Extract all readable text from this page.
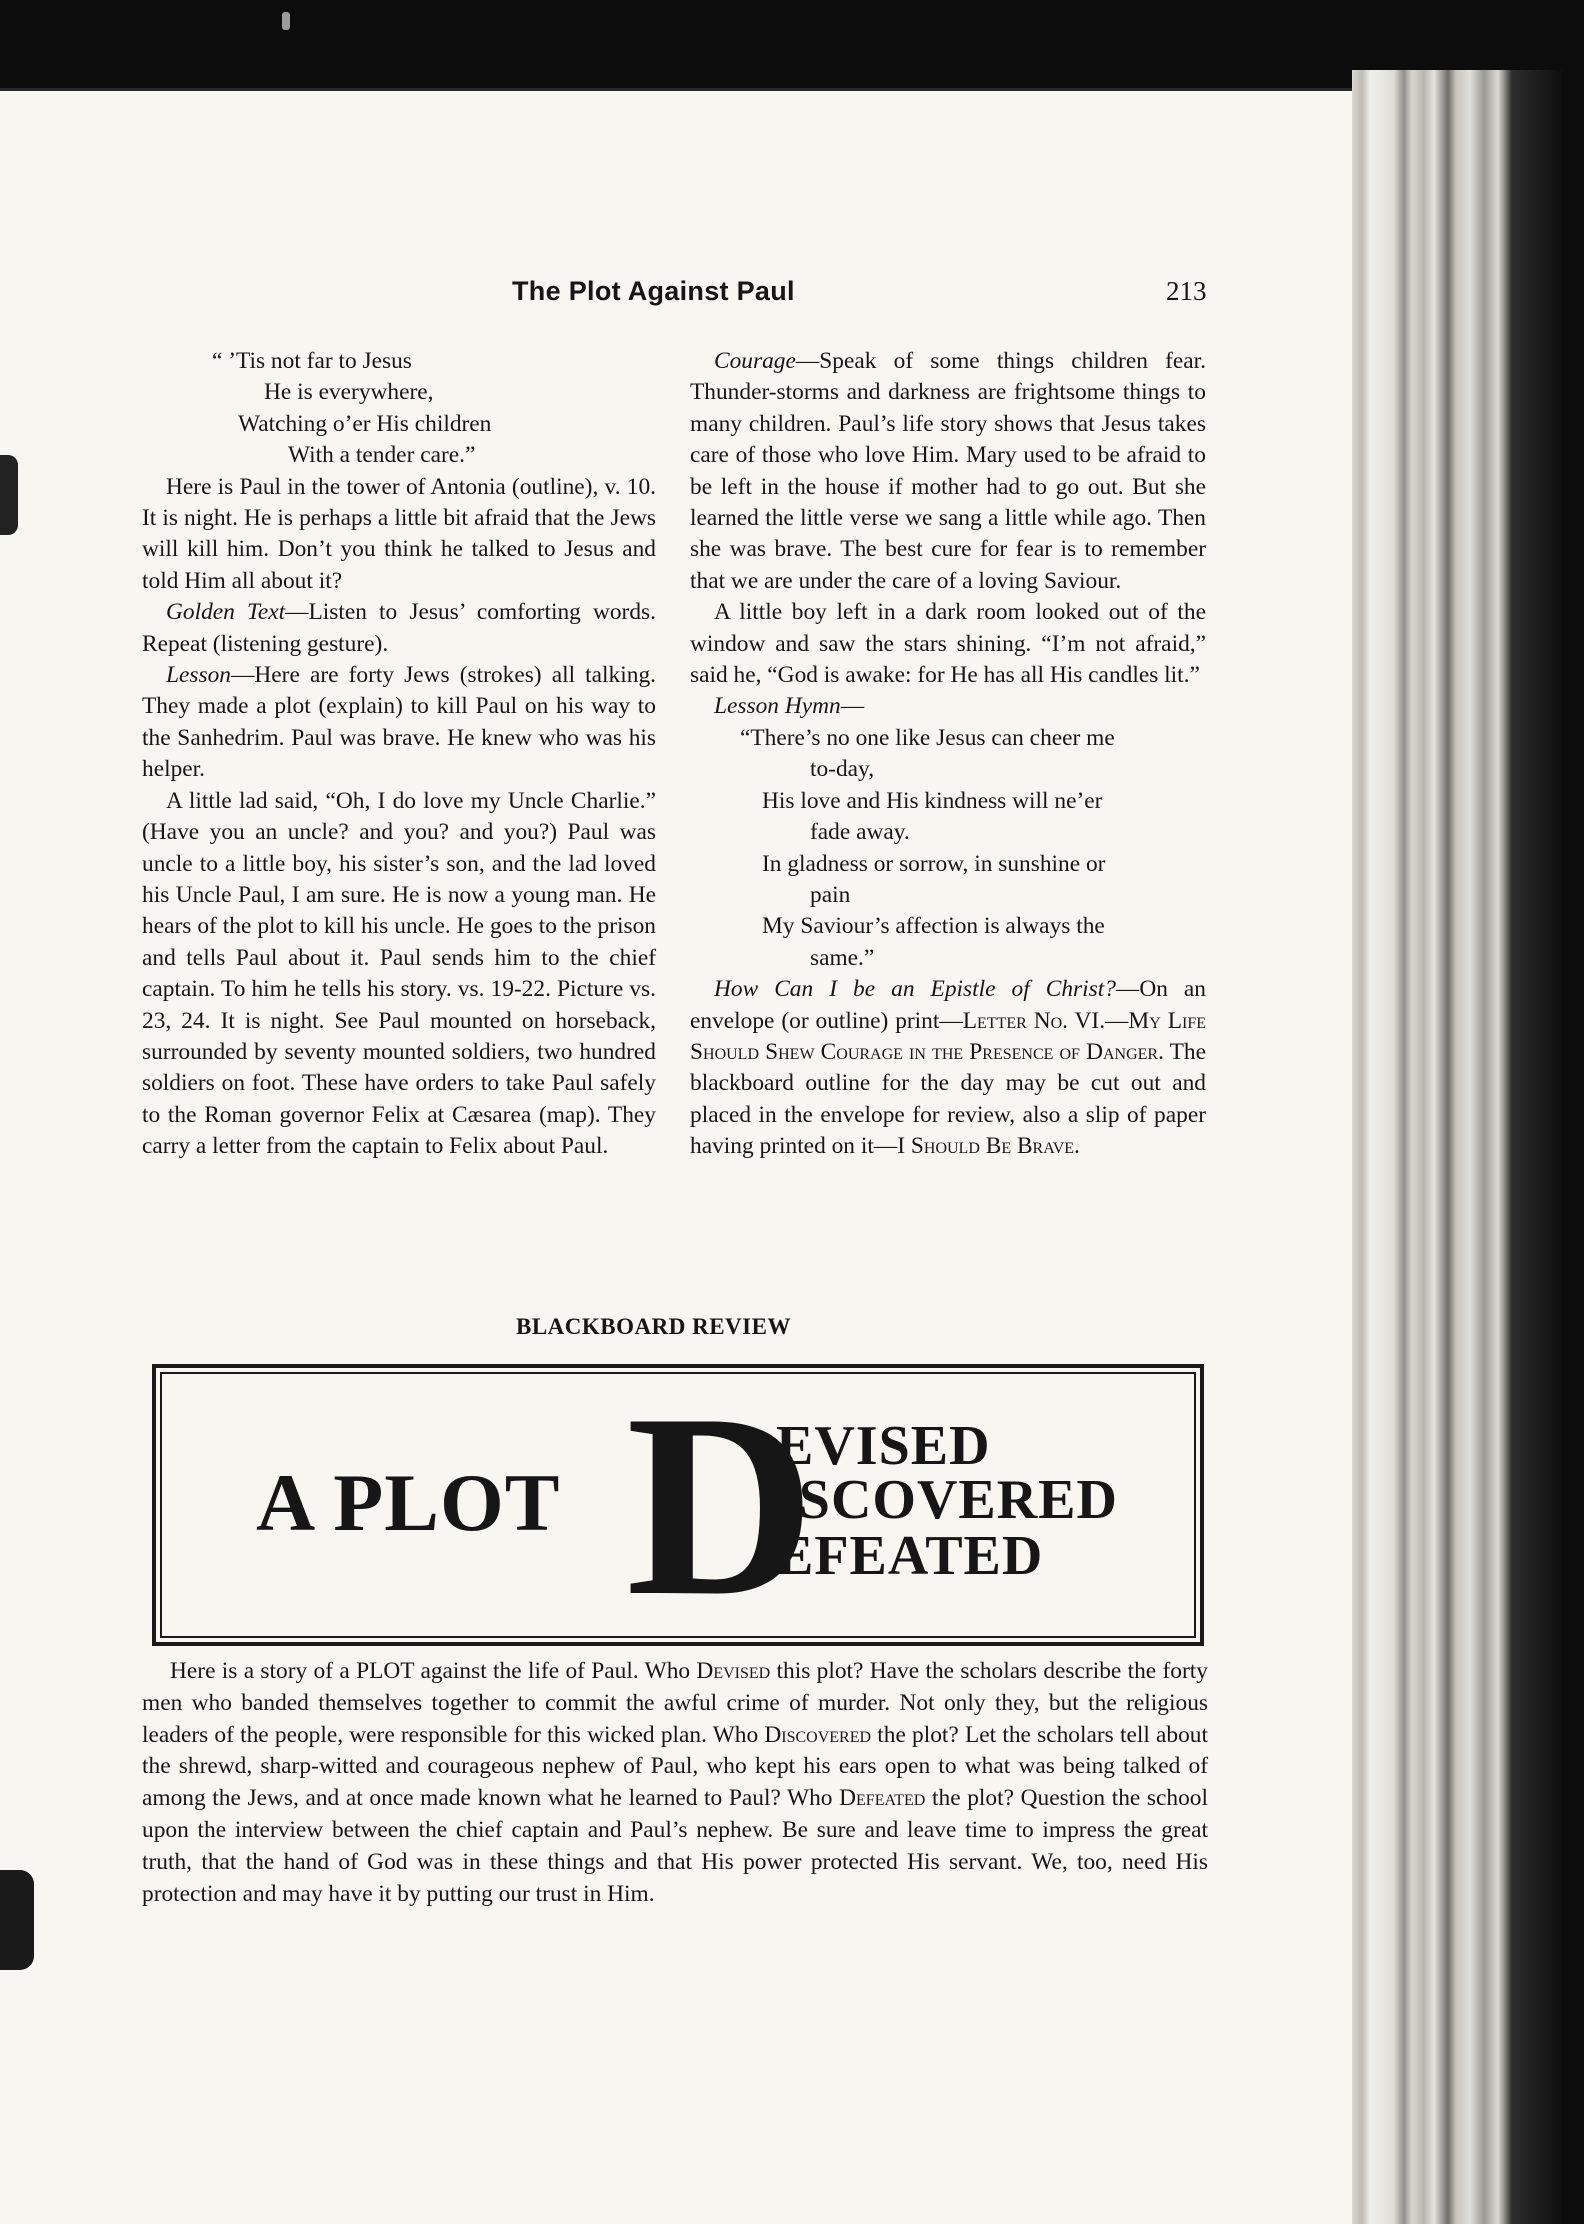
The Plot Against Paul	213
“ ’Tis not far to Jesus
He is everywhere,
Watching o’er His children
With a tender care.”

Here is Paul in the tower of Antonia (outline), v. 10. It is night. He is perhaps a little bit afraid that the Jews will kill him. Don’t you think he talked to Jesus and told Him all about it?

Golden Text—Listen to Jesus’ comforting words. Repeat (listening gesture).

Lesson—Here are forty Jews (strokes) all talking. They made a plot (explain) to kill Paul on his way to the Sanhedrim. Paul was brave. He knew who was his helper.

A little lad said, “Oh, I do love my Uncle Charlie.” (Have you an uncle? and you? and you?) Paul was uncle to a little boy, his sister’s son, and the lad loved his Uncle Paul, I am sure. He is now a young man. He hears of the plot to kill his uncle. He goes to the prison and tells Paul about it. Paul sends him to the chief captain. To him he tells his story. vs. 19-22. Picture vs. 23, 24. It is night. See Paul mounted on horseback, surrounded by seventy mounted soldiers, two hundred soldiers on foot. These have orders to take Paul safely to the Roman governor Felix at Cæsarea (map). They carry a letter from the captain to Felix about Paul.

Courage—Speak of some things children fear. Thunder-storms and darkness are frightsome things to many children. Paul’s life story shows that Jesus takes care of those who love Him. Mary used to be afraid to be left in the house if mother had to go out. But she learned the little verse we sang a little while ago. Then she was brave. The best cure for fear is to remember that we are under the care of a loving Saviour.

A little boy left in a dark room looked out of the window and saw the stars shining. “I’m not afraid,” said he, “God is awake: for He has all His candles lit.”

Lesson Hymn—

“There’s no one like Jesus can cheer me
to-day,
His love and His kindness will ne’er
fade away.
In gladness or sorrow, in sunshine or
pain
My Saviour’s affection is always the
same.”

How Can I be an Epistle of Christ?—On an envelope (or outline) print—Letter No. VI.—My Life Should Shew Courage in the Presence of Danger. The blackboard outline for the day may be cut out and placed in the envelope for review, also a slip of paper having printed on it—I Should Be Brave.

BLACKBOARD REVIEW
A PLOT D
EVISED
ISCOVERED
EFEATED

Here is a story of a PLOT against the life of Paul. Who Devised this plot? Have the scholars describe the forty men who banded themselves together to commit the awful crime of murder. Not only they, but the religious leaders of the people, were responsible for this wicked plan. Who Discovered the plot? Let the scholars tell about the shrewd, sharp-witted and courageous nephew of Paul, who kept his ears open to what was being talked of among the Jews, and at once made known what he learned to Paul? Who Defeated the plot? Question the school upon the interview between the chief captain and Paul’s nephew. Be sure and leave time to impress the great truth, that the hand of God was in these things and that His power protected His servant. We, too, need His protection and may have it by putting our trust in Him.
